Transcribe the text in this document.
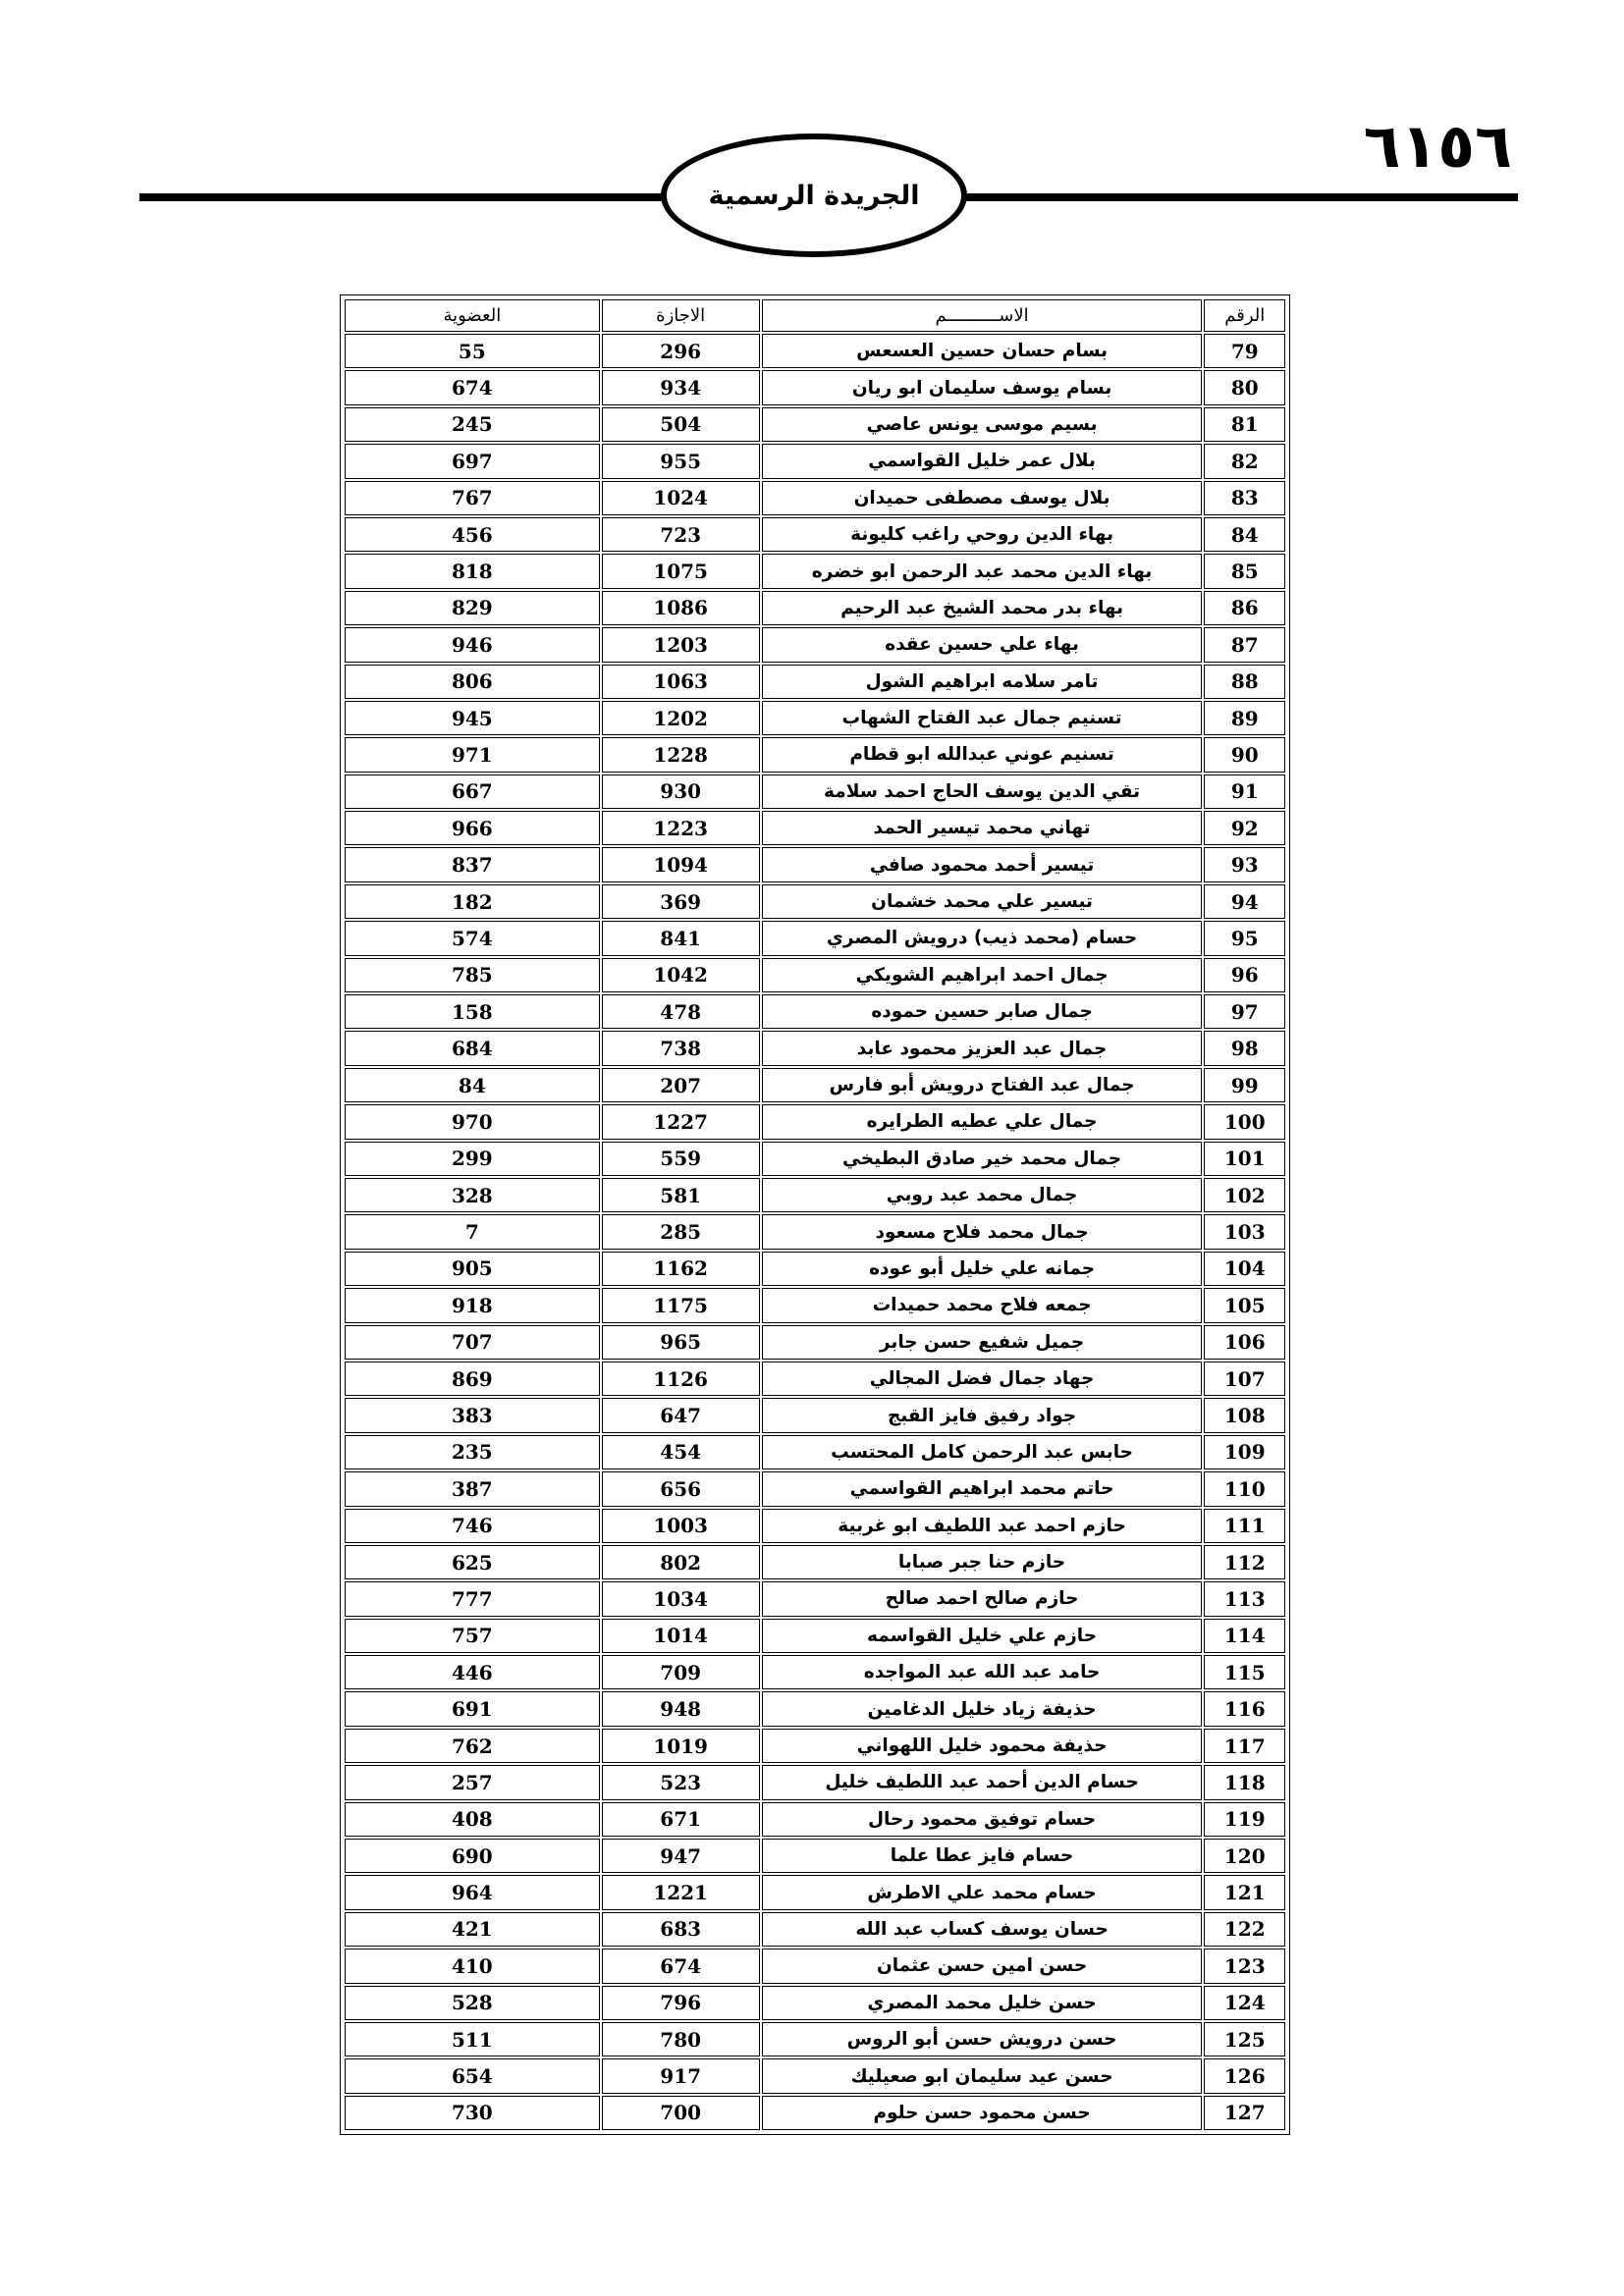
٦١٥٦
الجريدة الرسمية
الرقم	الاســــــــــم	الاجازة	العضوية
79	بسام حسان حسين العسعس	296	55
80	بسام يوسف سليمان ابو ريان	934	674
81	بسيم موسى يونس عاصي	504	245
82	بلال عمر خليل القواسمي	955	697
83	بلال يوسف مصطفى حميدان	1024	767
84	بهاء الدين روحي راغب كليونة	723	456
85	بهاء الدين محمد عبد الرحمن ابو خضره	1075	818
86	بهاء بدر محمد الشيخ عبد الرحيم	1086	829
87	بهاء علي حسين عقده	1203	946
88	تامر سلامه ابراهيم الشول	1063	806
89	تسنيم جمال عبد الفتاح الشهاب	1202	945
90	تسنيم عوني عبدالله ابو قطام	1228	971
91	تقي الدين يوسف الحاج احمد سلامة	930	667
92	تهاني محمد تيسير الحمد	1223	966
93	تيسير أحمد محمود صافي	1094	837
94	تيسير علي محمد خشمان	369	182
95	حسام (محمد ذيب) درويش المصري	841	574
96	جمال احمد ابراهيم الشويكي	1042	785
97	جمال صابر حسين حموده	478	158
98	جمال عبد العزيز محمود عابد	738	684
99	جمال عبد الفتاح درويش أبو فارس	207	84
100	جمال علي عطيه الطرايره	1227	970
101	جمال محمد خير صادق البطيخي	559	299
102	جمال محمد عبد روبي	581	328
103	جمال محمد فلاح مسعود	285	7
104	جمانه علي خليل أبو عوده	1162	905
105	جمعه فلاح محمد حميدات	1175	918
106	جميل شفيع حسن جابر	965	707
107	جهاد جمال فضل المجالي	1126	869
108	جواد رفيق فايز القبج	647	383
109	حابس عبد الرحمن كامل المحتسب	454	235
110	حاتم محمد ابراهيم القواسمي	656	387
111	حازم احمد عبد اللطيف ابو غربية	1003	746
112	حازم حنا جبر صبابا	802	625
113	حازم صالح احمد صالح	1034	777
114	حازم علي خليل القواسمه	1014	757
115	حامد عبد الله عبد المواجده	709	446
116	حذيفة زياد خليل الدغامين	948	691
117	حذيفة محمود خليل اللهواني	1019	762
118	حسام الدين أحمد عبد اللطيف خليل	523	257
119	حسام توفيق محمود رحال	671	408
120	حسام فايز عطا علما	947	690
121	حسام محمد علي الاطرش	1221	964
122	حسان يوسف كساب عبد الله	683	421
123	حسن امين حسن عثمان	674	410
124	حسن خليل محمد المصري	796	528
125	حسن درويش حسن أبو الروس	780	511
126	حسن عيد سليمان ابو صعيليك	917	654
127	حسن محمود حسن حلوم	700	730
